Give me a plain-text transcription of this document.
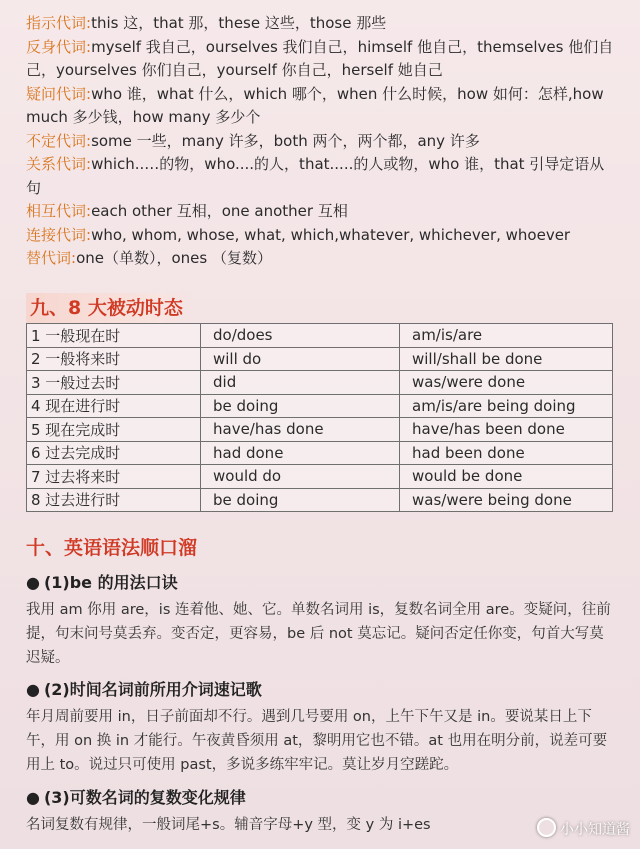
指示代词:this 这，that 那，these 这些，those 那些

反身代词:myself 我自己，ourselves 我们自己，himself 他自己，themselves 他们自己，yourselves 你们自己，yourself 你自己，herself 她自己

疑问代词:who 谁，what 什么，which 哪个，when 什么时候，how 如何：怎样,how much 多少钱，how many 多少个

不定代词:some 一些，many 许多，both 两个，两个都，any 许多

关系代词:which..…的物，who....的人，that.....的人或物，who 谁，that 引导定语从句

相互代词:each other 互相，one another 互相

连接代词:who, whom, whose, what, which,whatever, whichever, whoever

替代词:one（单数），ones （复数）

九、8 大被动时态
1 一般现在时	do/does	am/is/are
2 一般将来时	will do	will/shall be done
3 一般过去时	did	was/were done
4 现在进行时	be doing	am/is/are being doing
5 现在完成时	have/has done	have/has been done
6 过去完成时	had done	had been done
7 过去将来时	would do	would be done
8 过去进行时	be doing	was/were being done
十、英语语法顺口溜
● (1)be 的用法口诀
我用 am 你用 are，is 连着他、她、它。单数名词用 is，复数名词全用 are。变疑问，往前提，句末问号莫丢弃。变否定，更容易，be 后 not 莫忘记。疑问否定任你变，句首大写莫迟疑。
● (2)时间名词前所用介词速记歌
年月周前要用 in，日子前面却不行。遇到几号要用 on，上午下午又是 in。要说某日上下午，用 on 换 in 才能行。午夜黄昏须用 at，黎明用它也不错。at 也用在明分前，说差可要用上 to。说过只可使用 past，多说多练牢牢记。莫让岁月空蹉跎。
● (3)可数名词的复数变化规律
名词复数有规律，一般词尾+s。辅音字母+y 型，变 y 为 i+es	小小知道酱
